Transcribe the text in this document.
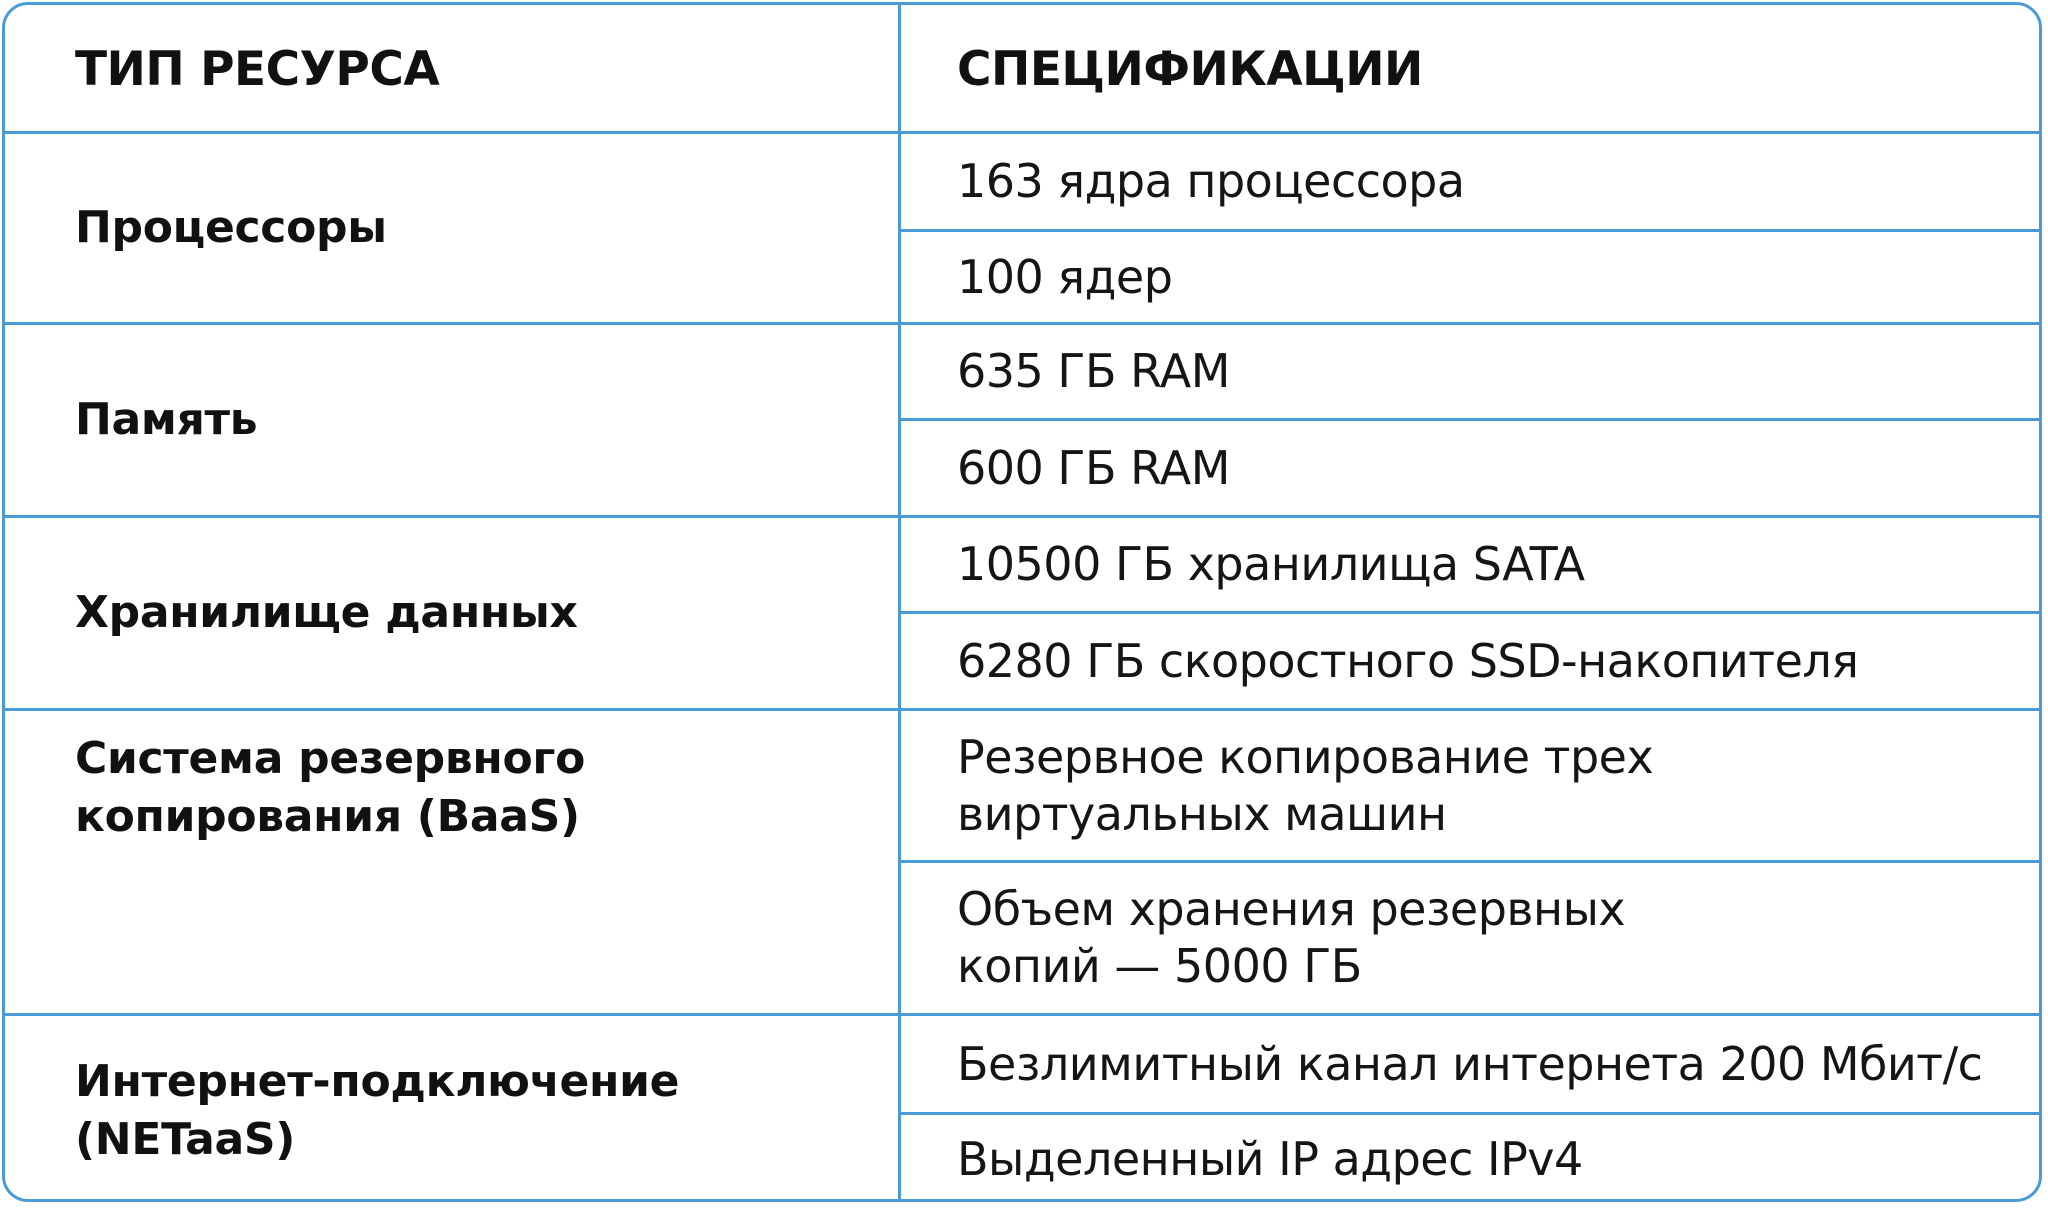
ТИП РЕСУРСА	СПЕЦИФИКАЦИИ
Процессоры
163 ядра процессора
100 ядер
Память
635 ГБ RAM
600 ГБ RAM
Хранилище данных
10500 ГБ хранилища SATA
6280 ГБ скоростного SSD-накопителя
Система резервного
копирования (BaaS)
Резервное копирование трех
виртуальных машин
Объем хранения резервных
копий — 5000 ГБ
Интернет-подключение
(NETaaS)
Безлимитный канал интернета 200 Мбит/с
Выделенный IP адрес IPv4
